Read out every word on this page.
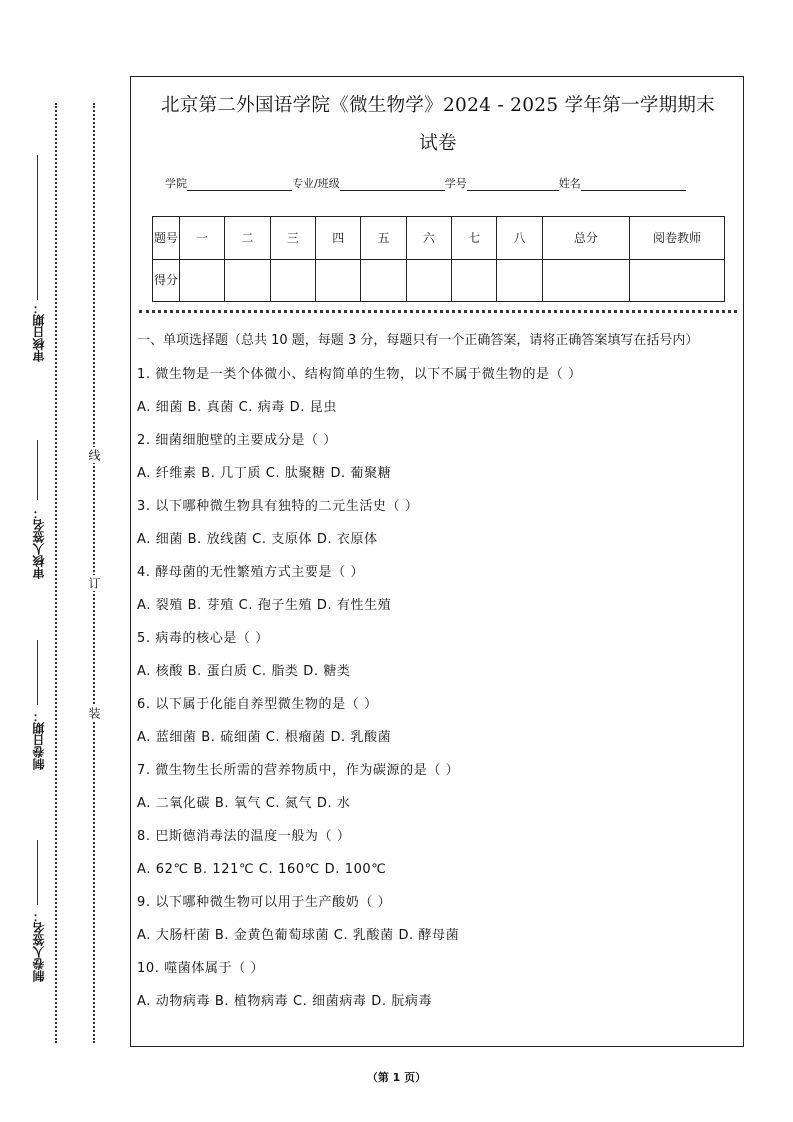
审核日期：
审核人签名：
制卷日期：
制卷人签名：
线
订
装
北京第二外国语学院《微生物学》2024 - 2025 学年第一学期期末
试卷
学院	专业/班级	学号	姓名
题号	一	二	三	四	五	六	七	八	总分	阅卷教师
得分										
一、单项选择题（总共 10 题，每题 3 分，每题只有一个正确答案，请将正确答案填写在括号内）
1. 微生物是一类个体微小、结构简单的生物，以下不属于微生物的是（ ）
A. 细菌 B. 真菌 C. 病毒 D. 昆虫
2. 细菌细胞壁的主要成分是（ ）
A. 纤维素 B. 几丁质 C. 肽聚糖 D. 葡聚糖
3. 以下哪种微生物具有独特的二元生活史（ ）
A. 细菌 B. 放线菌 C. 支原体 D. 衣原体
4. 酵母菌的无性繁殖方式主要是（ ）
A. 裂殖 B. 芽殖 C. 孢子生殖 D. 有性生殖
5. 病毒的核心是（ ）
A. 核酸 B. 蛋白质 C. 脂类 D. 糖类
6. 以下属于化能自养型微生物的是（ ）
A. 蓝细菌 B. 硫细菌 C. 根瘤菌 D. 乳酸菌
7. 微生物生长所需的营养物质中，作为碳源的是（ ）
A. 二氧化碳 B. 氧气 C. 氮气 D. 水
8. 巴斯德消毒法的温度一般为（ ）
A. 62℃ B. 121℃ C. 160℃ D. 100℃
9. 以下哪种微生物可以用于生产酸奶（ ）
A. 大肠杆菌 B. 金黄色葡萄球菌 C. 乳酸菌 D. 酵母菌
10. 噬菌体属于（ ）
A. 动物病毒 B. 植物病毒 C. 细菌病毒 D. 朊病毒
（第 1 页）
